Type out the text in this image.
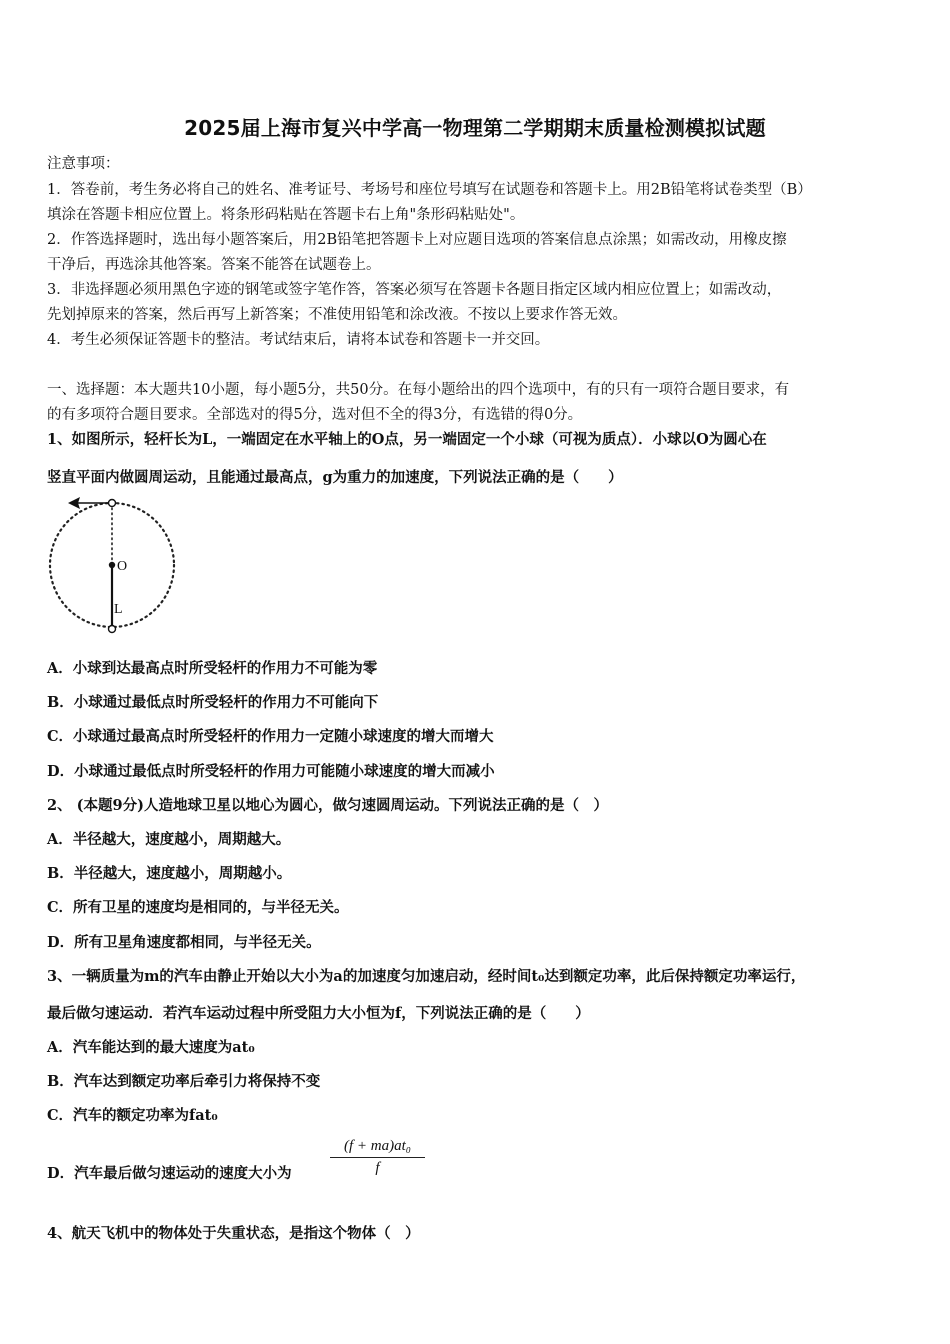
2025届上海市复兴中学高一物理第二学期期末质量检测模拟试题
注意事项：
1．答卷前，考生务必将自己的姓名、准考证号、考场号和座位号填写在试题卷和答题卡上。用2B铅笔将试卷类型（B）
填涂在答题卡相应位置上。将条形码粘贴在答题卡右上角"条形码粘贴处"。
2．作答选择题时，选出每小题答案后，用2B铅笔把答题卡上对应题目选项的答案信息点涂黑；如需改动，用橡皮擦
干净后，再选涂其他答案。答案不能答在试题卷上。
3．非选择题必须用黑色字迹的钢笔或签字笔作答，答案必须写在答题卡各题目指定区域内相应位置上；如需改动，
先划掉原来的答案，然后再写上新答案；不准使用铅笔和涂改液。不按以上要求作答无效。
4．考生必须保证答题卡的整洁。考试结束后，请将本试卷和答题卡一并交回。
一、选择题：本大题共10小题，每小题5分，共50分。在每小题给出的四个选项中，有的只有一项符合题目要求，有
的有多项符合题目要求。全部选对的得5分，选对但不全的得3分，有选错的得0分。
1、如图所示，轻杆长为L，一端固定在水平轴上的O点，另一端固定一个小球（可视为质点）．小球以O为圆心在
竖直平面内做圆周运动，且能通过最高点，g为重力的加速度，下列说法正确的是（　　）
O
L
A．小球到达最高点时所受轻杆的作用力不可能为零
B．小球通过最低点时所受轻杆的作用力不可能向下
C．小球通过最高点时所受轻杆的作用力一定随小球速度的增大而增大
D．小球通过最低点时所受轻杆的作用力可能随小球速度的增大而减小
2、 (本题9分)人造地球卫星以地心为圆心，做匀速圆周运动。下列说法正确的是（　）
A．半径越大，速度越小，周期越大。
B．半径越大，速度越小，周期越小。
C．所有卫星的速度均是相同的，与半径无关。
D．所有卫星角速度都相同，与半径无关。
3、一辆质量为m的汽车由静止开始以大小为a的加速度匀加速启动，经时间t₀达到额定功率，此后保持额定功率运行，
最后做匀速运动．若汽车运动过程中所受阻力大小恒为f，下列说法正确的是（　　）
A．汽车能达到的最大速度为at₀
B．汽车达到额定功率后牵引力将保持不变
C．汽车的额定功率为fat₀
D．汽车最后做匀速运动的速度大小为
(f + ma)at₀
f
4、航天飞机中的物体处于失重状态，是指这个物体（　）
